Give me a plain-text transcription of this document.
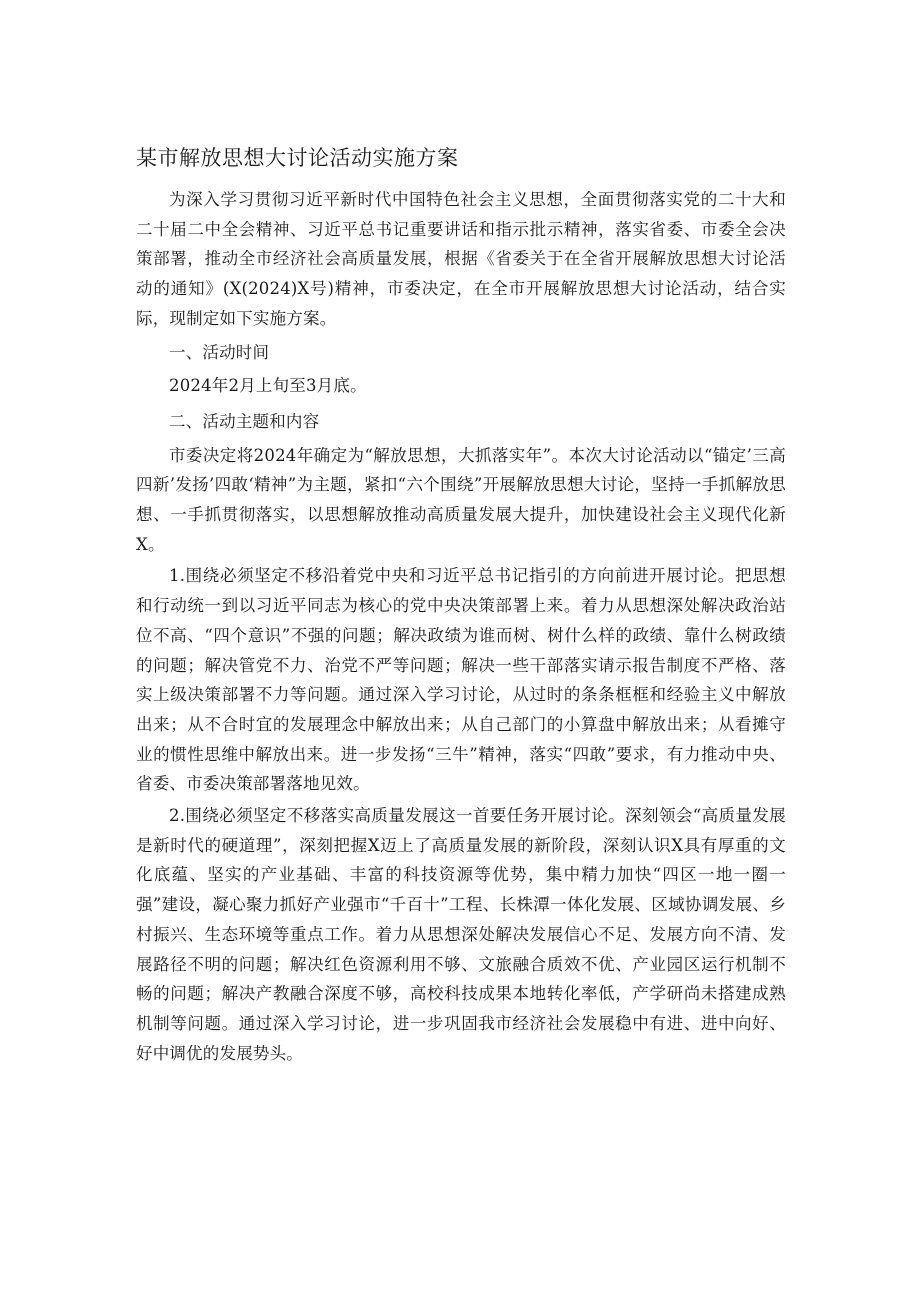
某市解放思想大讨论活动实施方案

为深入学习贯彻习近平新时代中国特色社会主义思想，全面贯彻落实党的二十大和二十届二中全会精神、习近平总书记重要讲话和指示批示精神，落实省委、市委全会决策部署，推动全市经济社会高质量发展，根据《省委关于在全省开展解放思想大讨论活动的通知》(X(2024)X号)精神，市委决定，在全市开展解放思想大讨论活动，结合实际，现制定如下实施方案。

一、活动时间

2024年2月上旬至3月底。

二、活动主题和内容

市委决定将2024年确定为“解放思想，大抓落实年”。本次大讨论活动以“锚定’三高四新’发扬’四敢‘精神”为主题，紧扣“六个围绕”开展解放思想大讨论，坚持一手抓解放思想、一手抓贯彻落实，以思想解放推动高质量发展大提升，加快建设社会主义现代化新X。

1.围绕必须坚定不移沿着党中央和习近平总书记指引的方向前进开展讨论。把思想和行动统一到以习近平同志为核心的党中央决策部署上来。着力从思想深处解决政治站位不高、“四个意识”不强的问题；解决政绩为谁而树、树什么样的政绩、靠什么树政绩的问题；解决管党不力、治党不严等问题；解决一些干部落实请示报告制度不严格、落实上级决策部署不力等问题。通过深入学习讨论，从过时的条条框框和经验主义中解放出来；从不合时宜的发展理念中解放出来；从自己部门的小算盘中解放出来；从看摊守业的惯性思维中解放出来。进一步发扬“三牛”精神，落实“四敢”要求，有力推动中央、省委、市委决策部署落地见效。

2.围绕必须坚定不移落实高质量发展这一首要任务开展讨论。深刻领会“高质量发展是新时代的硬道理”，深刻把握X迈上了高质量发展的新阶段，深刻认识X具有厚重的文化底蕴、坚实的产业基础、丰富的科技资源等优势，集中精力加快“四区一地一圈一强”建设，凝心聚力抓好产业强市“千百十”工程、长株潭一体化发展、区域协调发展、乡村振兴、生态环境等重点工作。着力从思想深处解决发展信心不足、发展方向不清、发展路径不明的问题；解决红色资源利用不够、文旅融合质效不优、产业园区运行机制不畅的问题；解决产教融合深度不够，高校科技成果本地转化率低，产学研尚未搭建成熟机制等问题。通过深入学习讨论，进一步巩固我市经济社会发展稳中有进、进中向好、好中调优的发展势头。
